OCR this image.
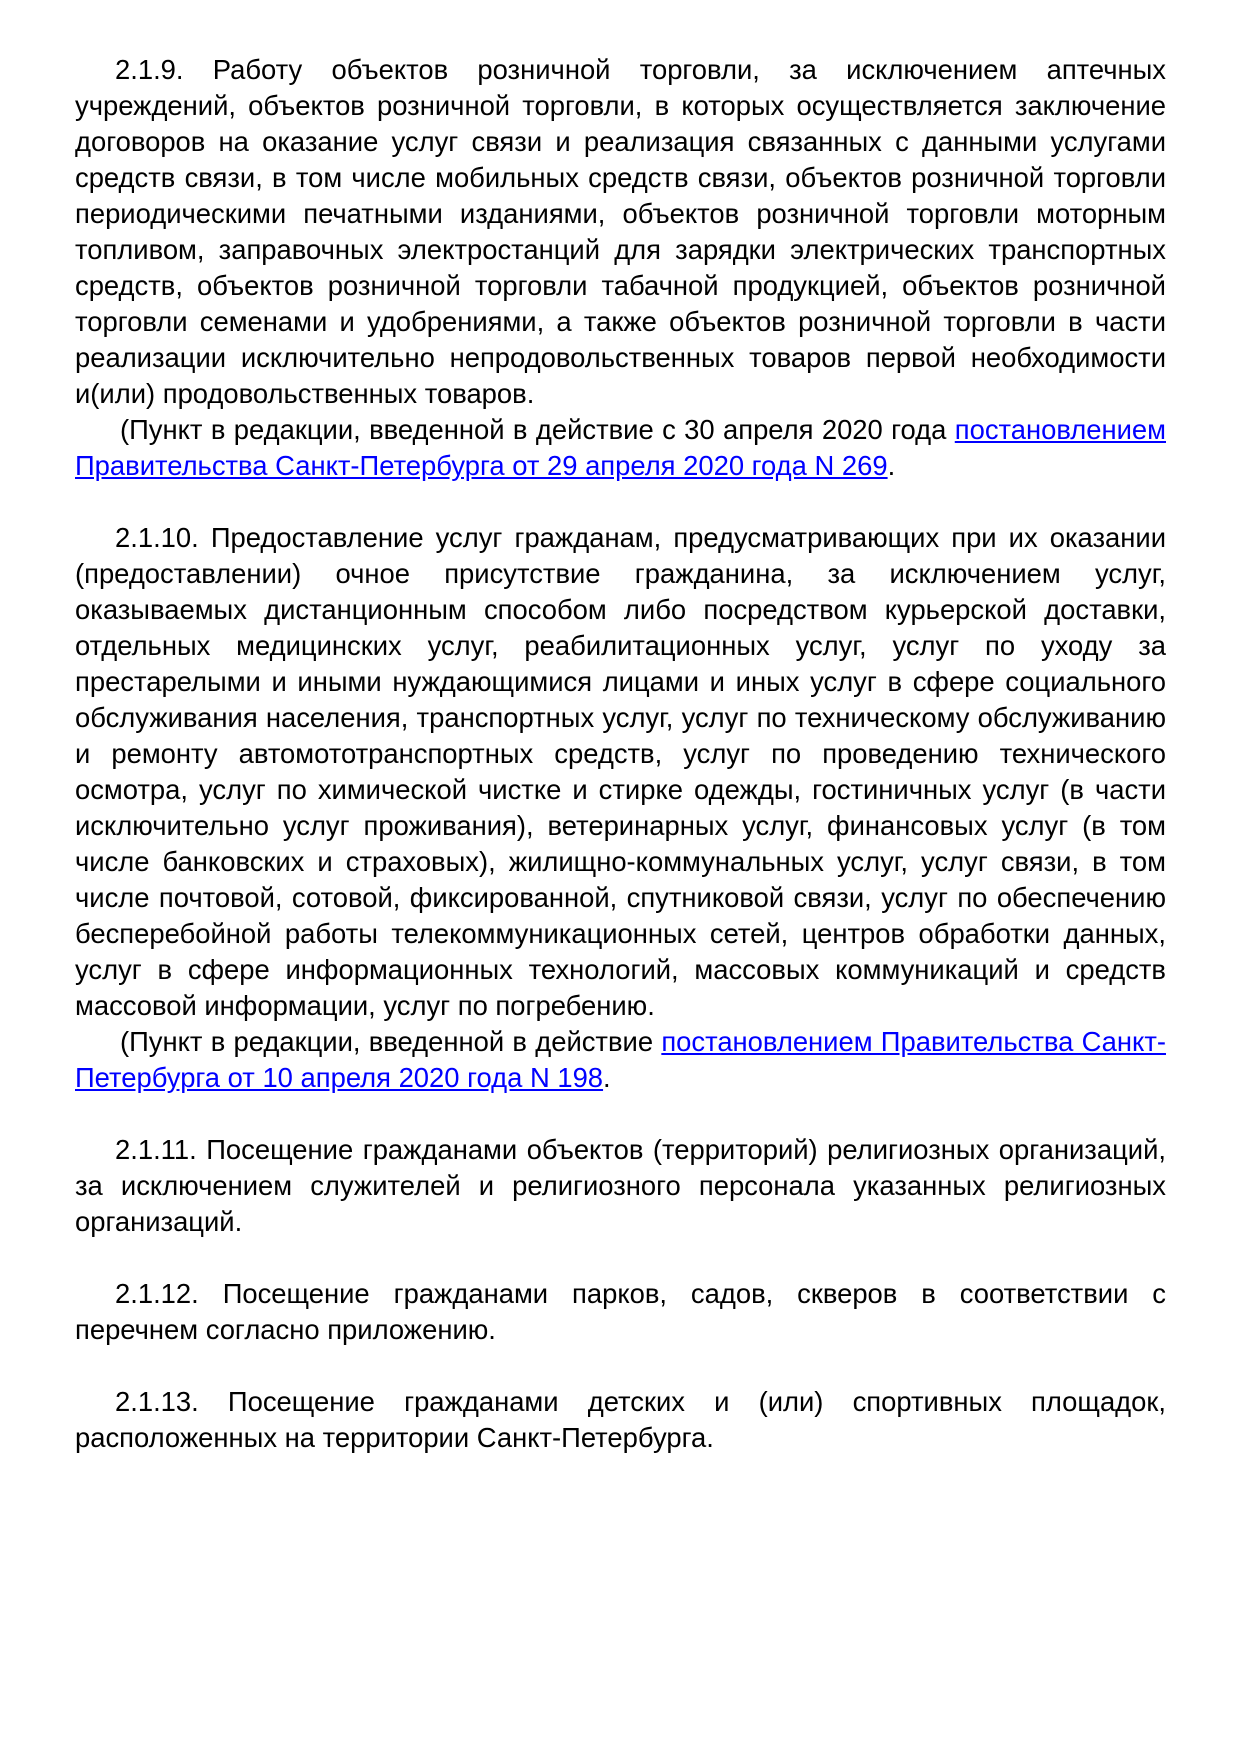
2.1.9. Работу объектов розничной торговли, за исключением аптечных учреждений, объектов розничной торговли, в которых осуществляется заключение договоров на оказание услуг связи и реализация связанных с данными услугами средств связи, в том числе мобильных средств связи, объектов розничной торговли периодическими печатными изданиями, объектов розничной торговли моторным топливом, заправочных электростанций для зарядки электрических транспортных средств, объектов розничной торговли табачной продукцией, объектов розничной торговли семенами и удобрениями, а также объектов розничной торговли в части реализации исключительно непродовольственных товаров первой необходимости и(или) продовольственных товаров.

(Пункт в редакции, введенной в действие с 30 апреля 2020 года постановлением Правительства Санкт-Петербурга от 29 апреля 2020 года N 269.

2.1.10. Предоставление услуг гражданам, предусматривающих при их оказании (предоставлении) очное присутствие гражданина, за исключением услуг, оказываемых дистанционным способом либо посредством курьерской доставки, отдельных медицинских услуг, реабилитационных услуг, услуг по уходу за престарелыми и иными нуждающимися лицами и иных услуг в сфере социального обслуживания населения, транспортных услуг, услуг по техническому обслуживанию и ремонту автомототранспортных средств, услуг по проведению технического осмотра, услуг по химической чистке и стирке одежды, гостиничных услуг (в части исключительно услуг проживания), ветеринарных услуг, финансовых услуг (в том числе банковских и страховых), жилищно-коммунальных услуг, услуг связи, в том числе почтовой, сотовой, фиксированной, спутниковой связи, услуг по обеспечению бесперебойной работы телекоммуникационных сетей, центров обработки данных, услуг в сфере информационных технологий, массовых коммуникаций и средств массовой информации, услуг по погребению.

(Пункт в редакции, введенной в действие постановлением Правительства Санкт-Петербурга от 10 апреля 2020 года N 198.

2.1.11. Посещение гражданами объектов (территорий) религиозных организаций, за исключением служителей и религиозного персонала указанных религиозных организаций.

2.1.12. Посещение гражданами парков, садов, скверов в соответствии с перечнем согласно приложению.

2.1.13. Посещение гражданами детских и (или) спортивных площадок, расположенных на территории Санкт-Петербурга.
